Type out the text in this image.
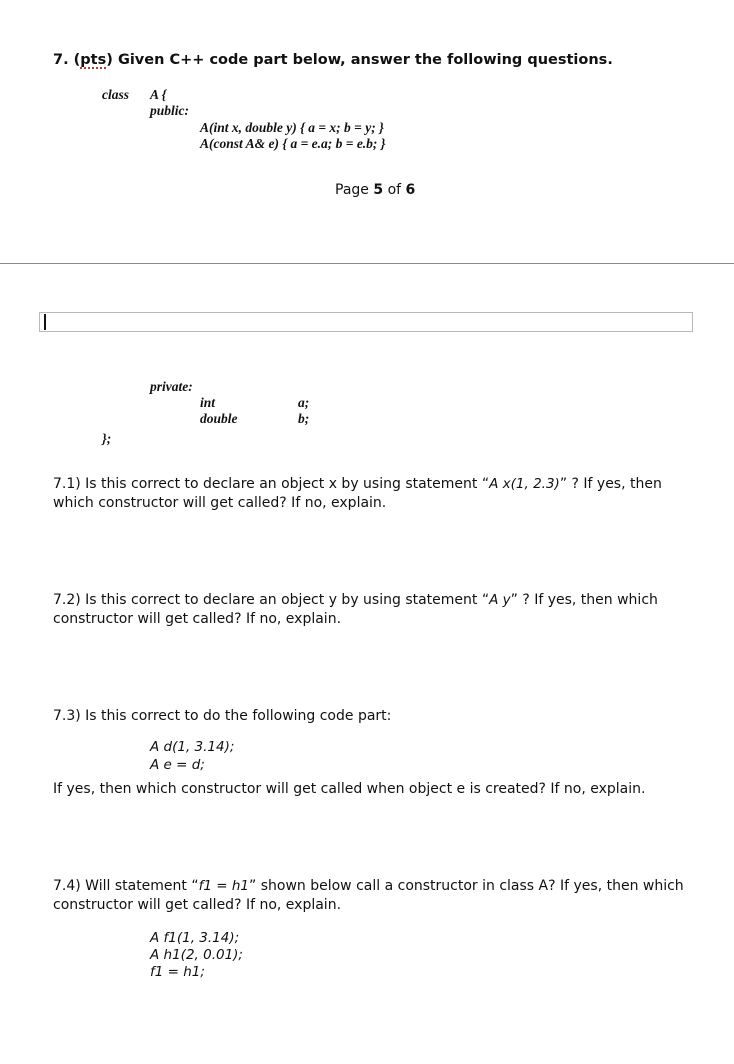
7. (pts) Given C++ code part below, answer the following questions.
class A {
public:
A(int x, double y) { a = x; b = y; }
A(const A& e) { a = e.a; b = e.b; }
Page 5 of 6
private:
int	a;
double	b;
};
7.1) Is this correct to declare an object x by using statement “A x(1, 2.3)” ? If yes, then
which constructor will get called? If no, explain.
7.2) Is this correct to declare an object y by using statement “A y” ? If yes, then which
constructor will get called? If no, explain.
7.3) Is this correct to do the following code part:
A d(1, 3.14);
A e = d;
If yes, then which constructor will get called when object e is created? If no, explain.
7.4) Will statement “f1 = h1” shown below call a constructor in class A? If yes, then which
constructor will get called? If no, explain.
A f1(1, 3.14);
A h1(2, 0.01);
f1 = h1;
